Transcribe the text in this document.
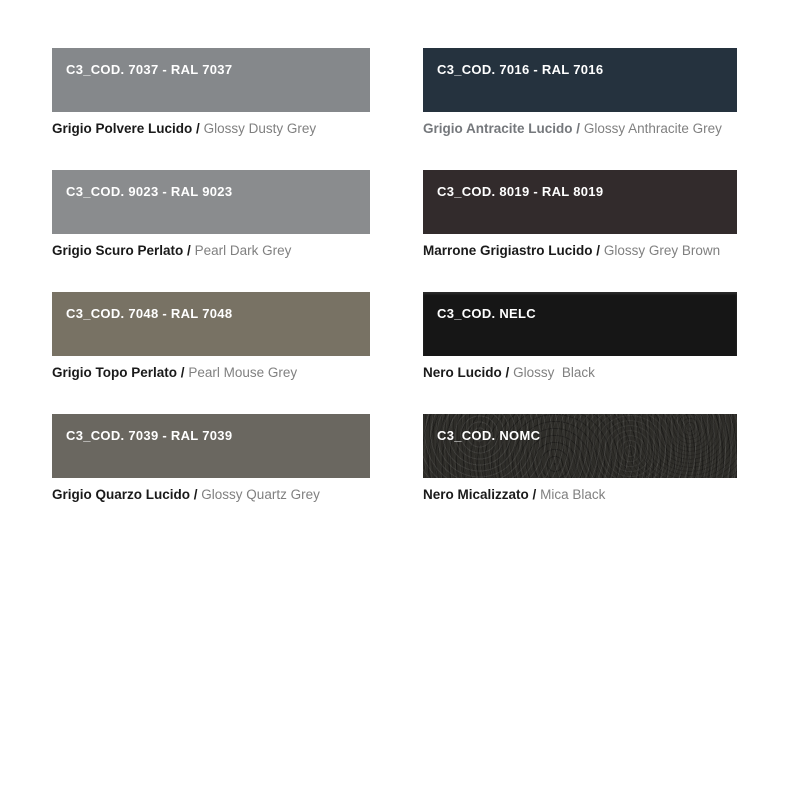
C3_COD. 7037 - RAL 7037
Grigio Polvere Lucido / Glossy Dusty Grey
C3_COD. 7016 - RAL 7016
Grigio Antracite Lucido / Glossy Anthracite Grey
C3_COD. 9023 - RAL 9023
Grigio Scuro Perlato / Pearl Dark Grey
C3_COD. 8019 - RAL 8019
Marrone Grigiastro Lucido / Glossy Grey Brown
C3_COD. 7048 - RAL 7048
Grigio Topo Perlato / Pearl Mouse Grey
C3_COD. NELC
Nero Lucido / Glossy  Black
C3_COD. 7039 - RAL 7039
Grigio Quarzo Lucido / Glossy Quartz Grey
C3_COD. NOMC
Nero Micalizzato / Mica Black
